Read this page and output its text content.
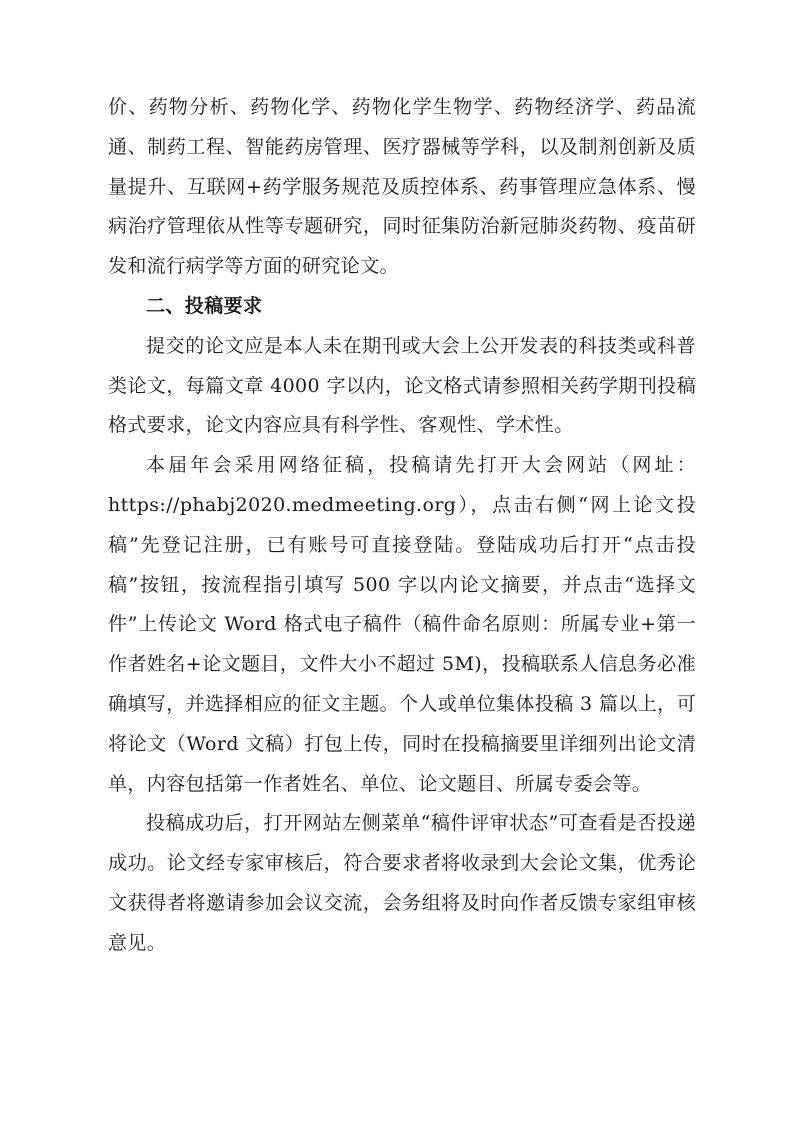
价、药物分析、药物化学、药物化学生物学、药物经济学、药品流通、制药工程、智能药房管理、医疗器械等学科，以及制剂创新及质量提升、互联网+药学服务规范及质控体系、药事管理应急体系、慢病治疗管理依从性等专题研究，同时征集防治新冠肺炎药物、疫苗研发和流行病学等方面的研究论文。

二、投稿要求

提交的论文应是本人未在期刊或大会上公开发表的科技类或科普类论文，每篇文章 4000 字以内，论文格式请参照相关药学期刊投稿格式要求，论文内容应具有科学性、客观性、学术性。

本届年会采用网络征稿，投稿请先打开大会网站（网址：https://phabj2020.medmeeting.org），点击右侧“网上论文投稿”先登记注册，已有账号可直接登陆。登陆成功后打开“点击投稿”按钮，按流程指引填写 500 字以内论文摘要，并点击“选择文件”上传论文 Word 格式电子稿件（稿件命名原则：所属专业+第一作者姓名+论文题目，文件大小不超过 5M)，投稿联系人信息务必准确填写，并选择相应的征文主题。个人或单位集体投稿 3 篇以上，可将论文（Word 文稿）打包上传，同时在投稿摘要里详细列出论文清单，内容包括第一作者姓名、单位、论文题目、所属专委会等。

投稿成功后，打开网站左侧菜单“稿件评审状态”可查看是否投递成功。论文经专家审核后，符合要求者将收录到大会论文集，优秀论文获得者将邀请参加会议交流，会务组将及时向作者反馈专家组审核意见。
